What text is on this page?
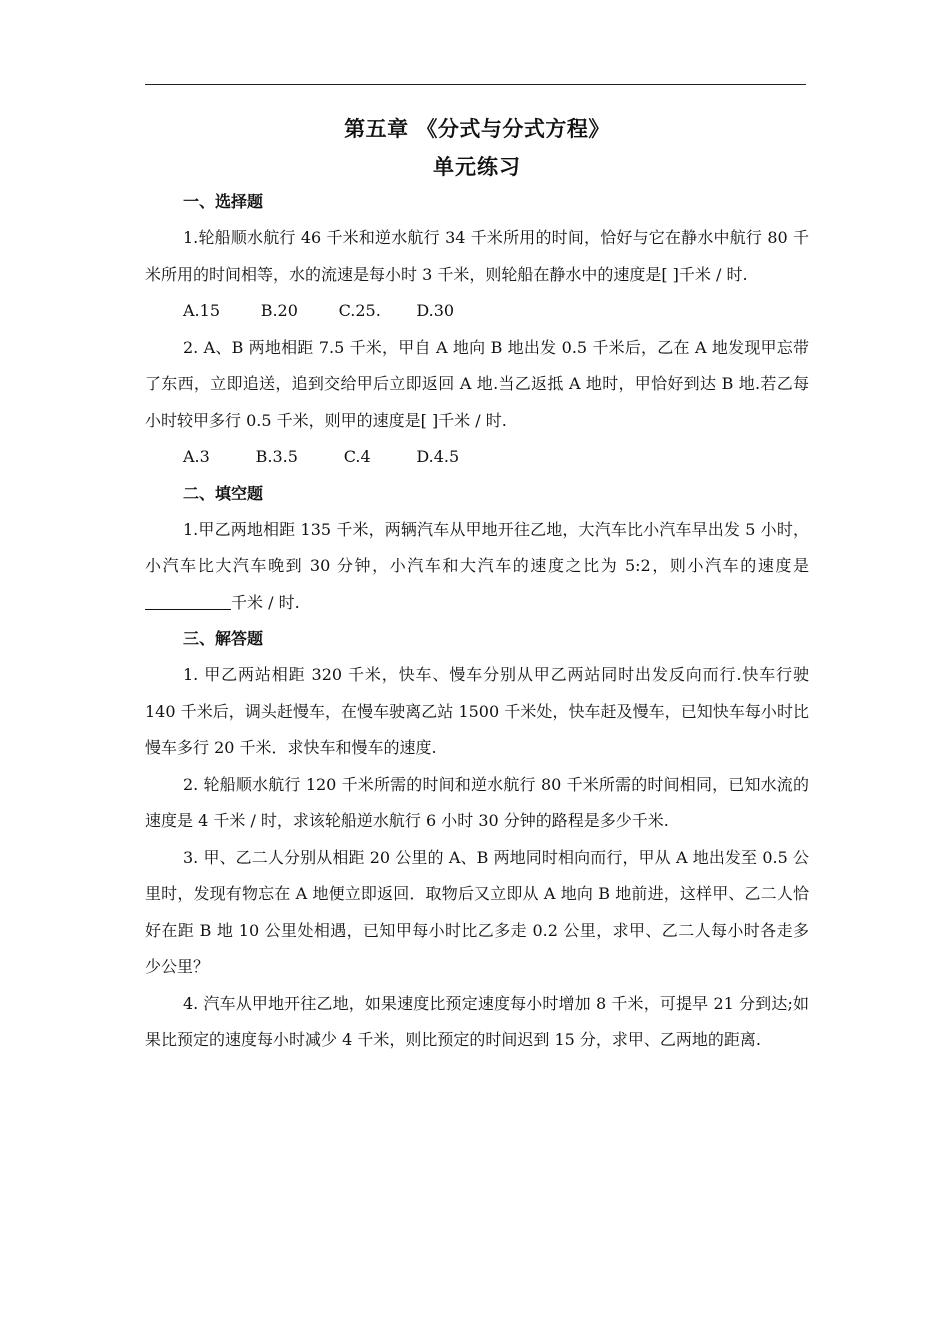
第五章 《分式与分式方程》
单元练习

一、选择题

1.轮船顺水航行 46 千米和逆水航行 34 千米所用的时间，恰好与它在静水中航行 80 千米所用的时间相等，水的流速是每小时 3 千米，则轮船在静水中的速度是[ ]千米 / 时.

A.15	B.20	C.25. D.30

2. A、B 两地相距 7.5 千米，甲自 A 地向 B 地出发 0.5 千米后，乙在 A 地发现甲忘带了东西，立即追送，追到交给甲后立即返回 A 地.当乙返抵 A 地时，甲恰好到达 B 地.若乙每小时较甲多行 0.5 千米，则甲的速度是[ ]千米 / 时.

A.3	B.3.5	C.4	D.4.5

二、填空题

1.甲乙两地相距 135 千米，两辆汽车从甲地开往乙地，大汽车比小汽车早出发 5 小时，小汽车比大汽车晚到 30 分钟，小汽车和大汽车的速度之比为 5:2，则小汽车的速度是千米 / 时.

三、解答题

1. 甲乙两站相距 320 千米，快车、慢车分别从甲乙两站同时出发反向而行.快车行驶 140 千米后，调头赶慢车，在慢车驶离乙站 1500 千米处，快车赶及慢车，已知快车每小时比慢车多行 20 千米．求快车和慢车的速度.

2. 轮船顺水航行 120 千米所需的时间和逆水航行 80 千米所需的时间相同，已知水流的速度是 4 千米 / 时，求该轮船逆水航行 6 小时 30 分钟的路程是多少千米.

3. 甲、乙二人分别从相距 20 公里的 A、B 两地同时相向而行，甲从 A 地出发至 0.5 公里时，发现有物忘在 A 地便立即返回．取物后又立即从 A 地向 B 地前进，这样甲、乙二人恰好在距 B 地 10 公里处相遇，已知甲每小时比乙多走 0.2 公里，求甲、乙二人每小时各走多少公里？

4. 汽车从甲地开往乙地，如果速度比预定速度每小时增加 8 千米，可提早 21 分到达;如果比预定的速度每小时减少 4 千米，则比预定的时间迟到 15 分，求甲、乙两地的距离.
